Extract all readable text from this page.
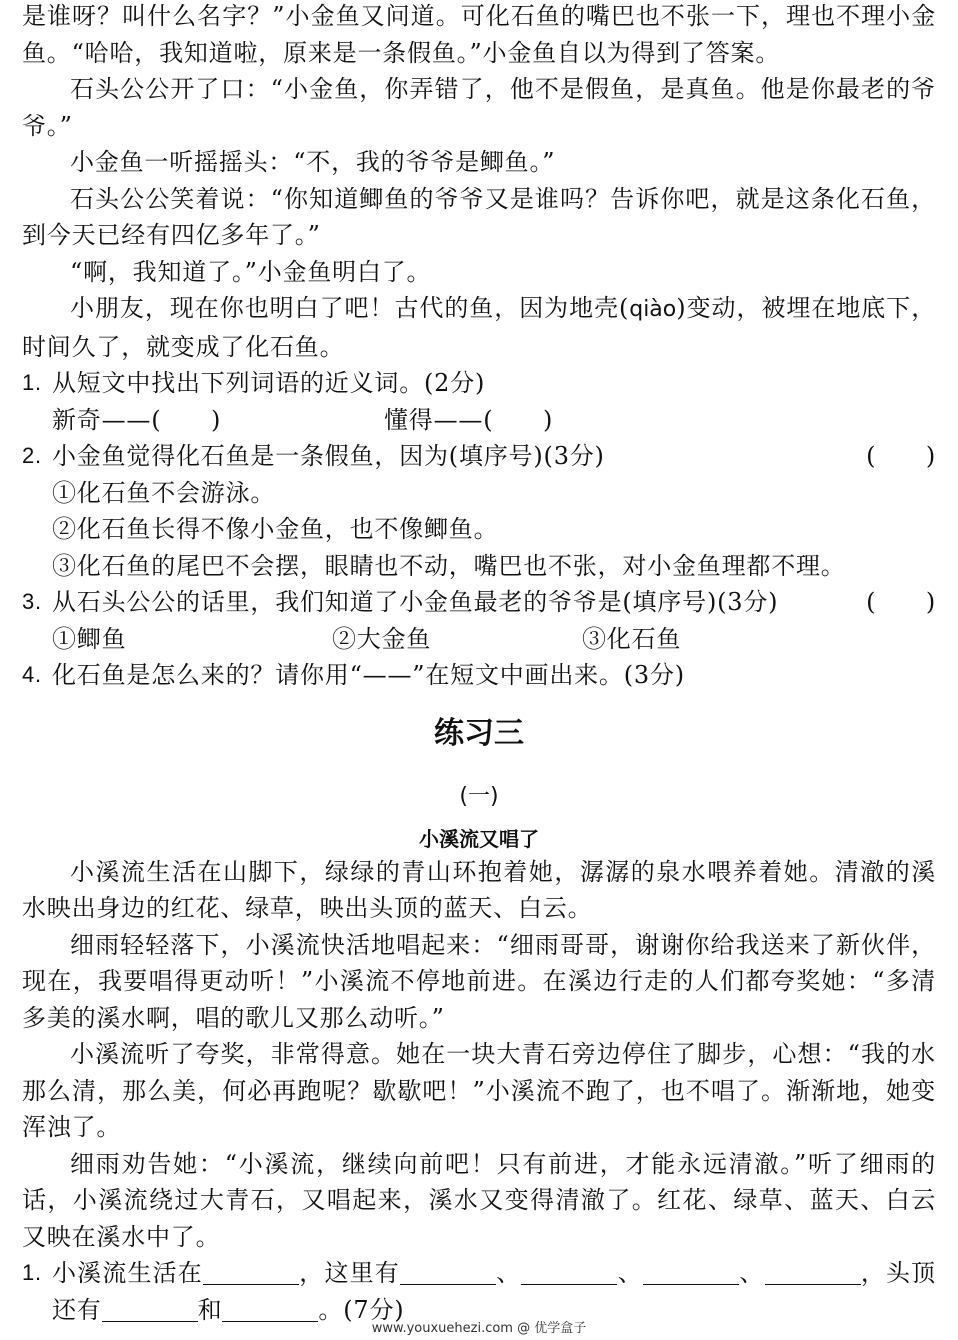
是谁呀？叫什么名字？”小金鱼又问道。可化石鱼的嘴巴也不张一下，理也不理小金鱼。“哈哈，我知道啦，原来是一条假鱼。”小金鱼自以为得到了答案。

石头公公开了口：“小金鱼，你弄错了，他不是假鱼，是真鱼。他是你最老的爷爷。”

小金鱼一听摇摇头：“不，我的爷爷是鲫鱼。”

石头公公笑着说：“你知道鲫鱼的爷爷又是谁吗？告诉你吧，就是这条化石鱼，到今天已经有四亿多年了。”

“啊，我知道了。”小金鱼明白了。

小朋友，现在你也明白了吧！古代的鱼，因为地壳(qiào)变动，被埋在地底下，时间久了，就变成了化石鱼。

1. 从短文中找出下列词语的近义词。(2分)
新奇——(　　)	懂得——(　　)
2. 小金鱼觉得化石鱼是一条假鱼，因为(填序号)(3分)	(　　)

①化石鱼不会游泳。

②化石鱼长得不像小金鱼，也不像鲫鱼。

③化石鱼的尾巴不会摆，眼睛也不动，嘴巴也不张，对小金鱼理都不理。

3. 从石头公公的话里，我们知道了小金鱼最老的爷爷是(填序号)(3分)	(　　)
①鲫鱼	②大金鱼	③化石鱼
4. 化石鱼是怎么来的？请你用“——”在短文中画出来。(3分)
练习三
(一)
小溪流又唱了

小溪流生活在山脚下，绿绿的青山环抱着她，潺潺的泉水喂养着她。清澈的溪水映出身边的红花、绿草，映出头顶的蓝天、白云。

细雨轻轻落下，小溪流快活地唱起来：“细雨哥哥，谢谢你给我送来了新伙伴，现在，我要唱得更动听！”小溪流不停地前进。在溪边行走的人们都夸奖她：“多清多美的溪水啊，唱的歌儿又那么动听。”

小溪流听了夸奖，非常得意。她在一块大青石旁边停住了脚步，心想：“我的水那么清，那么美，何必再跑呢？歇歇吧！”小溪流不跑了，也不唱了。渐渐地，她变浑浊了。

细雨劝告她：“小溪流，继续向前吧！只有前进，才能永远清澈。”听了细雨的话，小溪流绕过大青石，又唱起来，溪水又变得清澈了。红花、绿草、蓝天、白云又映在溪水中了。

1. 小溪流生活在	，这里有	、	、	、	，头顶还有	和	。(7分)
www.youxuehezi.com @ 优学盒子
